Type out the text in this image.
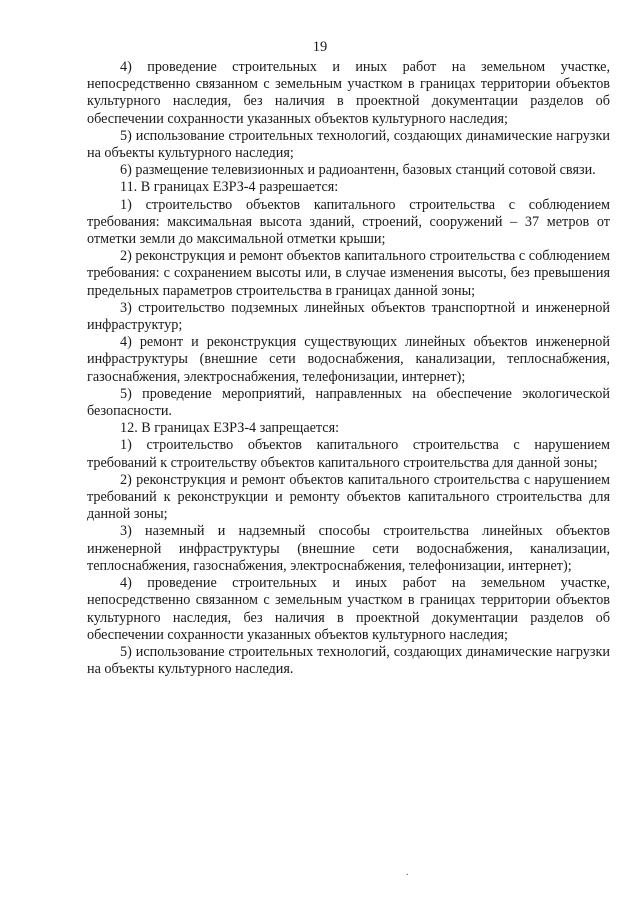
19

4) проведение строительных и иных работ на земельном участке, непосредственно связанном с земельным участком в границах территории объектов культурного наследия, без наличия в проектной документации разделов об обеспечении сохранности указанных объектов культурного наследия;

5) использование строительных технологий, создающих динамические нагрузки на объекты культурного наследия;

6) размещение телевизионных и радиоантенн, базовых станций сотовой связи.

11. В границах ЕЗРЗ-4 разрешается:

1) строительство объектов капитального строительства с соблюдением требования: максимальная высота зданий, строений, сооружений – 37 метров от отметки земли до максимальной отметки крыши;

2) реконструкция и ремонт объектов капитального строительства с соблюдением требования: с сохранением высоты или, в случае изменения высоты, без превышения предельных параметров строительства в границах данной зоны;

3) строительство подземных линейных объектов транспортной и инженерной инфраструктур;

4) ремонт и реконструкция существующих линейных объектов инженерной инфраструктуры (внешние сети водоснабжения, канализации, теплоснабжения, газоснабжения, электроснабжения, телефонизации, интернет);

5) проведение мероприятий, направленных на обеспечение экологической безопасности.

12. В границах ЕЗРЗ-4 запрещается:

1) строительство объектов капитального строительства с нарушением требований к строительству объектов капитального строительства для данной зоны;

2) реконструкция и ремонт объектов капитального строительства с нарушением требований к реконструкции и ремонту объектов капитального строительства для данной зоны;

3) наземный и надземный способы строительства линейных объектов инженерной инфраструктуры (внешние сети водоснабжения, канализации, теплоснабжения, газоснабжения, электроснабжения, телефонизации, интернет);

4) проведение строительных и иных работ на земельном участке, непосредственно связанном с земельным участком в границах территории объектов культурного наследия, без наличия в проектной документации разделов об обеспечении сохранности указанных объектов культурного наследия;

5) использование строительных технологий, создающих динамические нагрузки на объекты культурного наследия.

.
